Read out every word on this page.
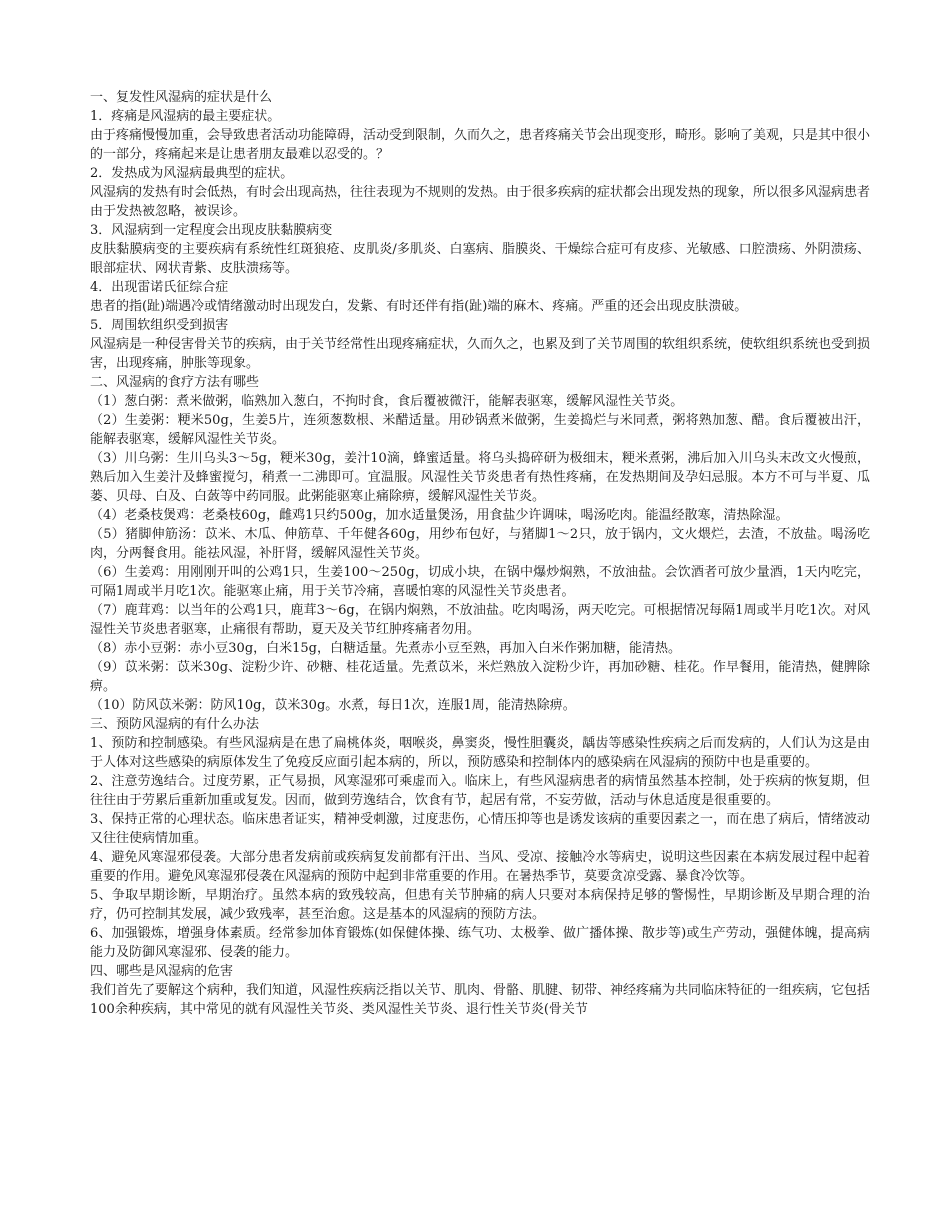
一、复发性风湿病的症状是什么

1．疼痛是风湿病的最主要症状。

由于疼痛慢慢加重，会导致患者活动功能障碍，活动受到限制，久而久之，患者疼痛关节会出现变形，畸形。影响了美观，只是其中很小的一部分，疼痛起来是让患者朋友最难以忍受的。？

2．发热成为风湿病最典型的症状。

风湿病的发热有时会低热，有时会出现高热，往往表现为不规则的发热。由于很多疾病的症状都会出现发热的现象，所以很多风湿病患者由于发热被忽略，被误诊。

3．风湿病到一定程度会出现皮肤黏膜病变

皮肤黏膜病变的主要疾病有系统性红斑狼疮、皮肌炎/多肌炎、白塞病、脂膜炎、干燥综合症可有皮疹、光敏感、口腔溃疡、外阴溃疡、眼部症状、网状青紫、皮肤溃疡等。

4．出现雷诺氏征综合症

患者的指(趾)端遇冷或情绪激动时出现发白，发紫、有时还伴有指(趾)端的麻木、疼痛。严重的还会出现皮肤溃破。

5．周围软组织受到损害

风湿病是一种侵害骨关节的疾病，由于关节经常性出现疼痛症状，久而久之，也累及到了关节周围的软组织系统，使软组织系统也受到损害，出现疼痛，肿胀等现象。

二、风湿病的食疗方法有哪些

（1）葱白粥：煮米做粥，临熟加入葱白，不拘时食，食后覆被微汗，能解表驱寒，缓解风湿性关节炎。

（2）生姜粥：粳米50g，生姜5片，连须葱数根、米醋适量。用砂锅煮米做粥，生姜捣烂与米同煮，粥将熟加葱、醋。食后覆被出汗，能解表驱寒，缓解风湿性关节炎。

（3）川乌粥：生川乌头3～5g，粳米30g，姜汁10滴，蜂蜜适量。将乌头捣碎研为极细末，粳米煮粥，沸后加入川乌头末改文火慢煎，熟后加入生姜汁及蜂蜜搅匀，稍煮一二沸即可。宜温服。风湿性关节炎患者有热性疼痛，在发热期间及孕妇忌服。本方不可与半夏、瓜蒌、贝母、白及、白蔹等中药同服。此粥能驱寒止痛除痹，缓解风湿性关节炎。

（4）老桑枝煲鸡：老桑枝60g，雌鸡1只约500g，加水适量煲汤，用食盐少许调味，喝汤吃肉。能温经散寒，清热除湿。

（5）猪脚伸筋汤：苡米、木瓜、伸筋草、千年健各60g，用纱布包好，与猪脚1～2只，放于锅内，文火煨烂，去渣，不放盐。喝汤吃肉，分两餐食用。能祛风湿，补肝肾，缓解风湿性关节炎。

（6）生姜鸡：用刚刚开叫的公鸡1只，生姜100～250g，切成小块，在锅中爆炒焖熟，不放油盐。会饮酒者可放少量酒，1天内吃完，可隔1周或半月吃1次。能驱寒止痛，用于关节冷痛，喜暖怕寒的风湿性关节炎患者。

（7）鹿茸鸡：以当年的公鸡1只，鹿茸3～6g，在锅内焖熟，不放油盐。吃肉喝汤，两天吃完。可根据情况每隔1周或半月吃1次。对风湿性关节炎患者驱寒，止痛很有帮助，夏天及关节红肿疼痛者勿用。

（8）赤小豆粥：赤小豆30g，白米15g，白糖适量。先煮赤小豆至熟，再加入白米作粥加糖，能清热。

（9）苡米粥：苡米30g、淀粉少许、砂糖、桂花适量。先煮苡米，米烂熟放入淀粉少许，再加砂糖、桂花。作早餐用，能清热，健脾除痹。

（10）防风苡米粥：防风10g，苡米30g。水煮，每日1次，连服1周，能清热除痹。

三、预防风湿病的有什么办法

1、预防和控制感染。有些风湿病是在患了扁桃体炎，咽喉炎，鼻窦炎，慢性胆囊炎，龋齿等感染性疾病之后而发病的，人们认为这是由于人体对这些感染的病原体发生了免疫反应面引起本病的，所以，预防感染和控制体内的感染病在风湿病的预防中也是重要的。

2、注意劳逸结合。过度劳累，正气易损，风寒湿邪可乘虚而入。临床上，有些风湿病患者的病情虽然基本控制，处于疾病的恢复期，但往往由于劳累后重新加重或复发。因而，做到劳逸结合，饮食有节，起居有常，不妄劳做，活动与休息适度是很重要的。

3、保持正常的心理状态。临床患者证实，精神受刺激，过度悲伤，心情压抑等也是诱发该病的重要因素之一，而在患了病后，情绪波动又往往使病情加重。

4、避免风寒湿邪侵袭。大部分患者发病前或疾病复发前都有汗出、当风、受凉、接触冷水等病史，说明这些因素在本病发展过程中起着重要的作用。避免风寒湿邪侵袭在风湿病的预防中起到非常重要的作用。在暑热季节，莫要贪凉受露、暴食冷饮等。

5、争取早期诊断，早期治疗。虽然本病的致残较高，但患有关节肿痛的病人只要对本病保持足够的警惕性，早期诊断及早期合理的治疗，仍可控制其发展，减少致残率，甚至治愈。这是基本的风湿病的预防方法。

6、加强锻炼，增强身体素质。经常参加体育锻炼(如保健体操、练气功、太极拳、做广播体操、散步等)或生产劳动，强健体魄，提高病能力及防御风寒湿邪、侵袭的能力。

四、哪些是风湿病的危害

我们首先了要解这个病种，我们知道，风湿性疾病泛指以关节、肌肉、骨骼、肌腱、韧带、神经疼痛为共同临床特征的一组疾病，它包括100余种疾病，其中常见的就有风湿性关节炎、类风湿性关节炎、退行性关节炎(骨关节
